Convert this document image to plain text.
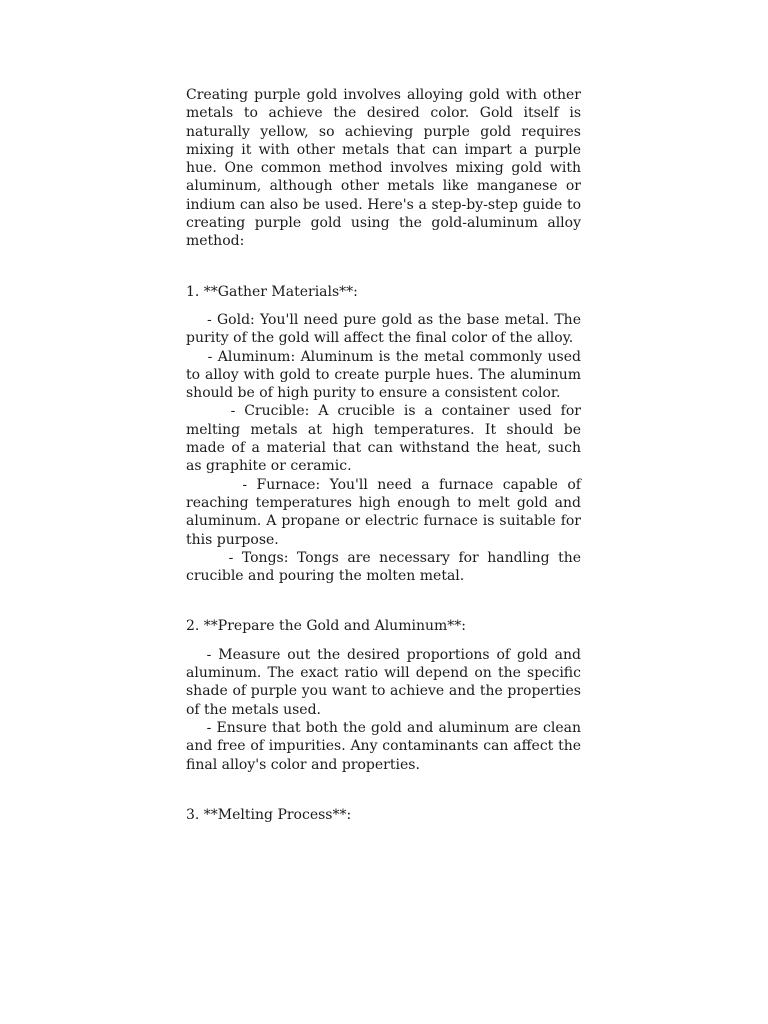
Creating purple gold involves alloying gold with other metals to achieve the desired color. Gold itself is naturally yellow, so achieving purple gold requires mixing it with other metals that can impart a purple hue. One common method involves mixing gold with aluminum, although other metals like manganese or indium can also be used. Here's a step-by-step guide to creating purple gold using the gold-aluminum alloy method:

1. **Gather Materials**:

- Gold: You'll need pure gold as the base metal. The purity of the gold will affect the final color of the alloy.

- Aluminum: Aluminum is the metal commonly used to alloy with gold to create purple hues. The aluminum should be of high purity to ensure a consistent color.

- Crucible: A crucible is a container used for melting metals at high temperatures. It should be made of a material that can withstand the heat, such as graphite or ceramic.

- Furnace: You'll need a furnace capable of reaching temperatures high enough to melt gold and aluminum. A propane or electric furnace is suitable for this purpose.

- Tongs: Tongs are necessary for handling the crucible and pouring the molten metal.

2. **Prepare the Gold and Aluminum**:

- Measure out the desired proportions of gold and aluminum. The exact ratio will depend on the specific shade of purple you want to achieve and the properties of the metals used.

- Ensure that both the gold and aluminum are clean and free of impurities. Any contaminants can affect the final alloy's color and properties.

3. **Melting Process**:
